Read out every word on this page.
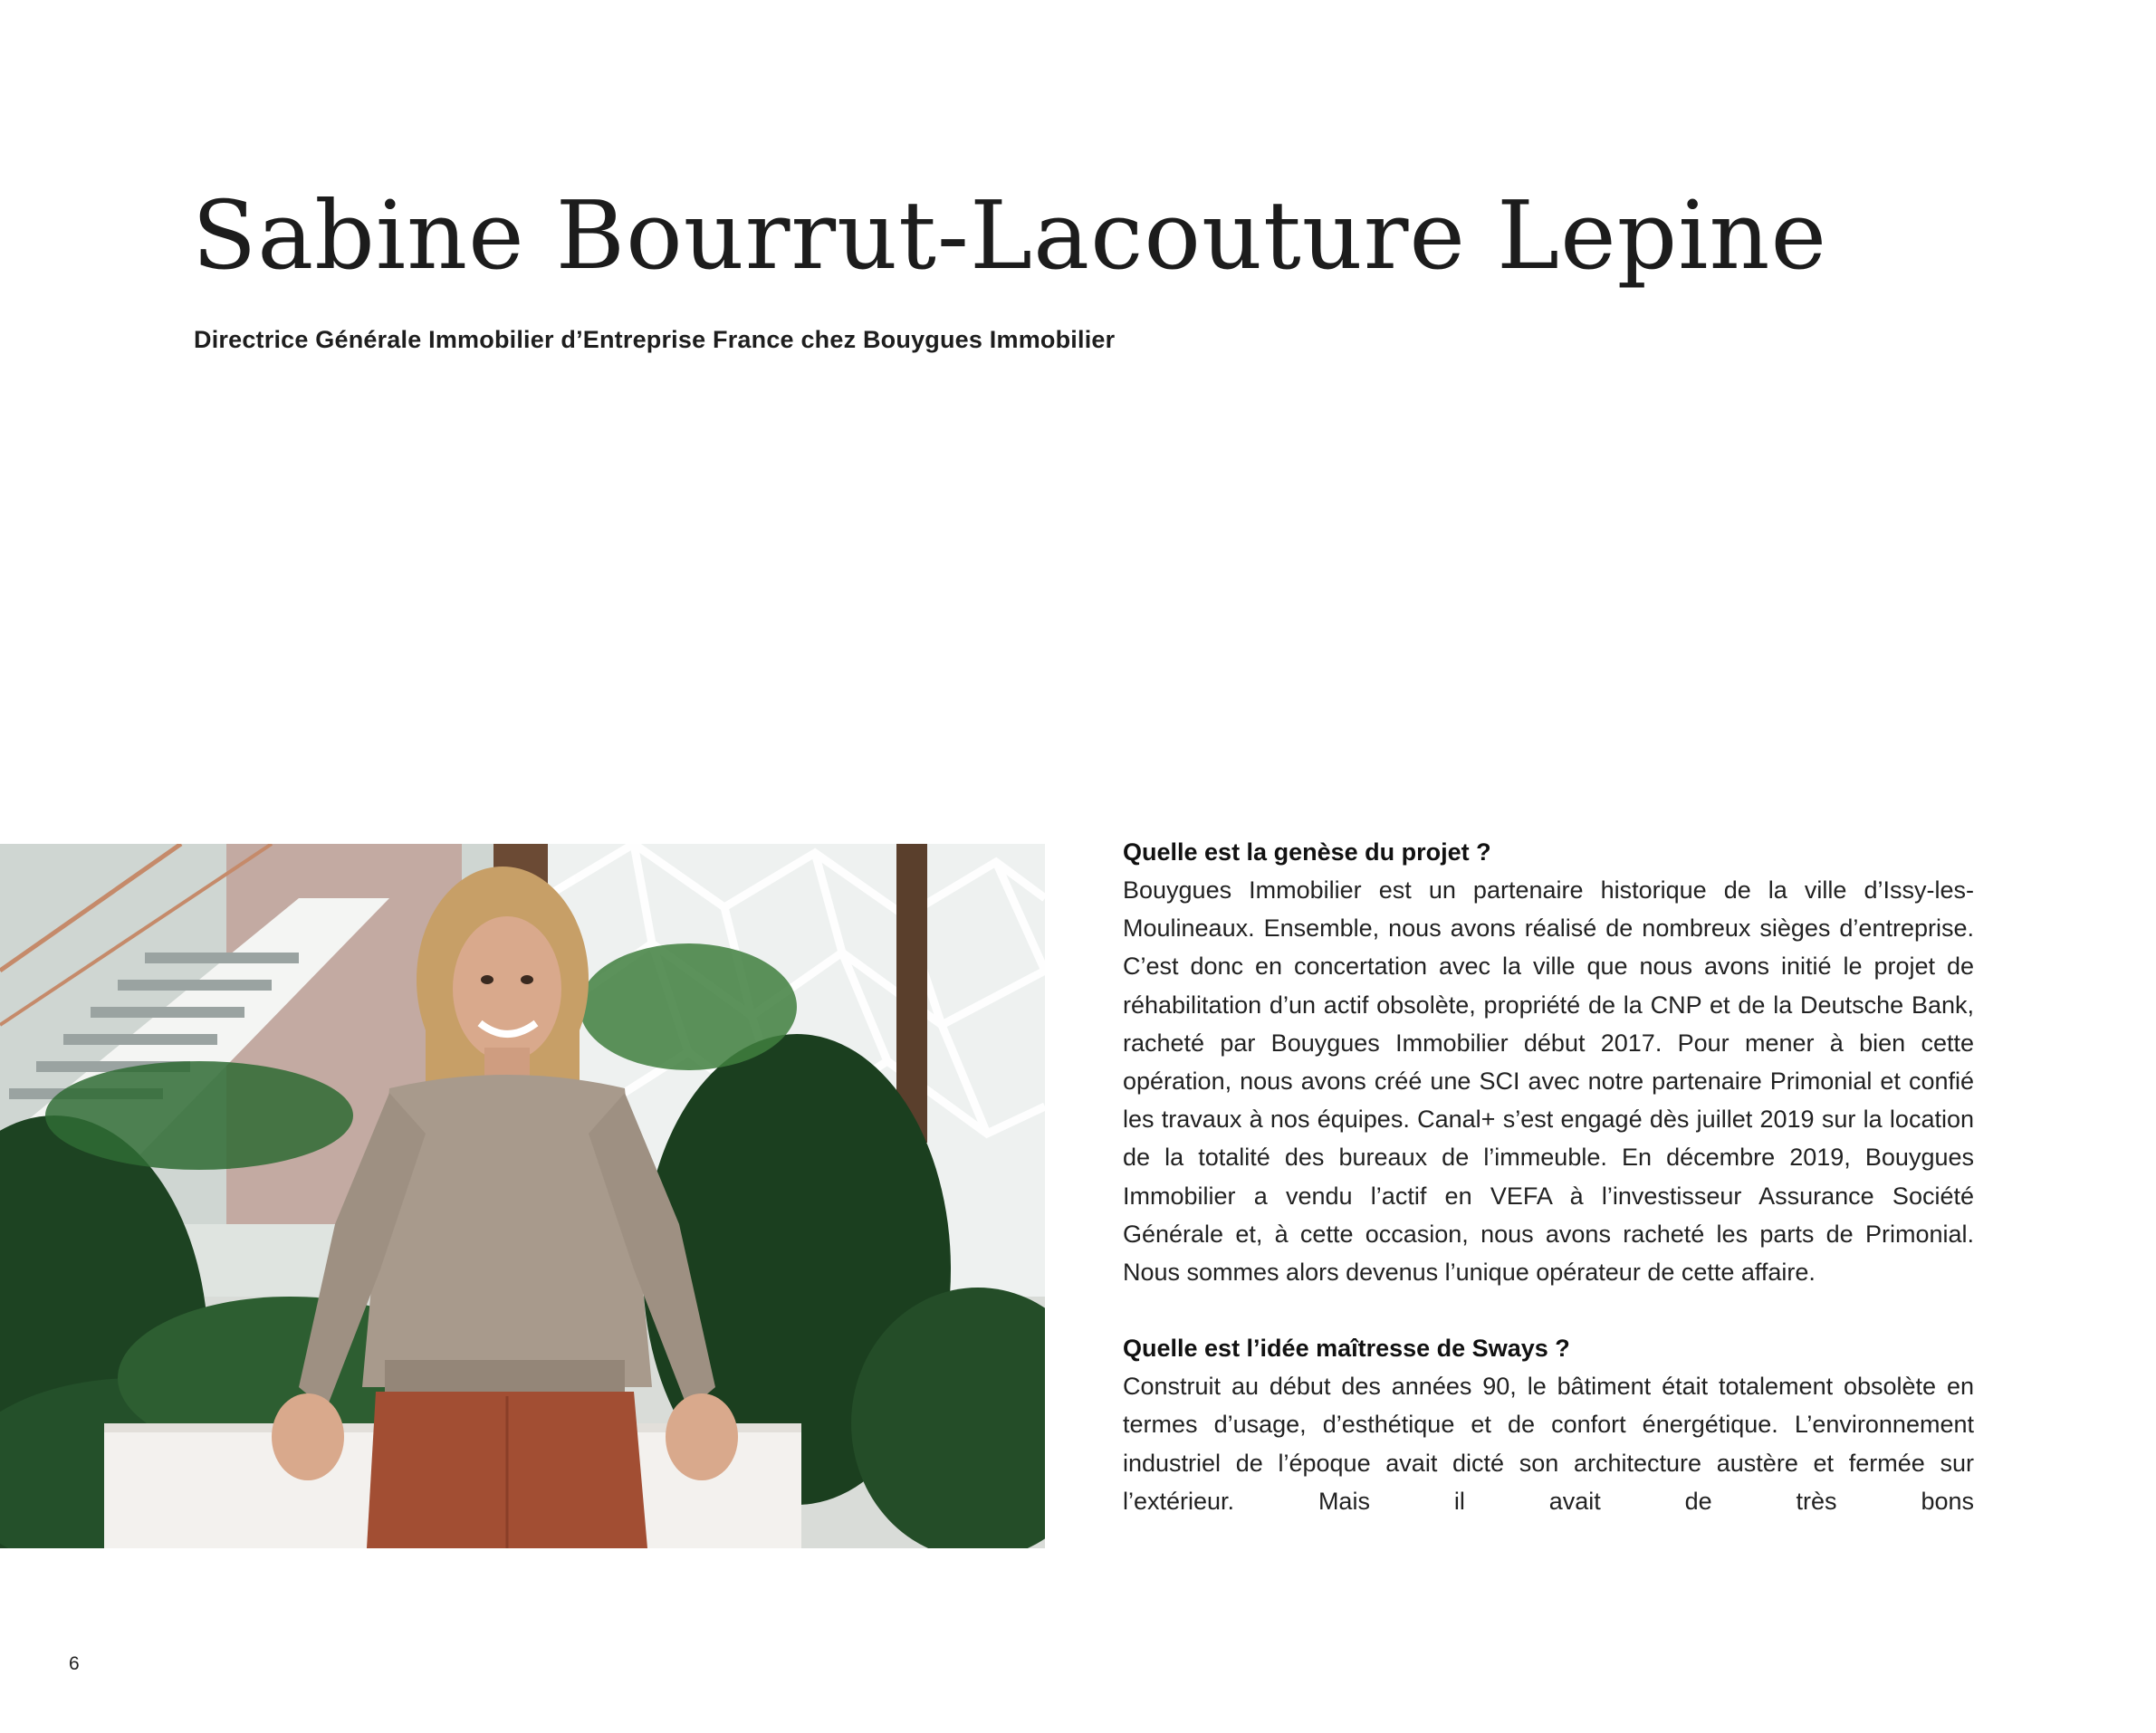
Sabine Bourrut-Lacouture Lepine

Directrice Générale Immobilier d’Entreprise France chez Bouygues Immobilier

Quelle est la genèse du projet ?

Bouygues Immobilier est un partenaire historique de la ville d’Issy-les-Moulineaux. Ensemble, nous avons réalisé de nombreux sièges d’entreprise. C’est donc en concertation avec la ville que nous avons initié le projet de réhabilitation d’un actif obsolète, propriété de la CNP et de la Deutsche Bank, racheté par Bouygues Immobilier début 2017. Pour mener à bien cette opération, nous avons créé une SCI avec notre partenaire Primonial et confié les travaux à nos équipes. Canal+ s’est engagé dès juillet 2019 sur la location de la totalité des bureaux de l’immeuble. En décembre 2019, Bouygues Immobilier a vendu l’actif en VEFA à l’investisseur Assurance Société Générale et, à cette occasion, nous avons racheté les parts de Primonial. Nous sommes alors devenus l’unique opérateur de cette affaire.

Quelle est l’idée maîtresse de Sways ?

Construit au début des années 90, le bâtiment était totalement obsolète en termes d’usage, d’esthétique et de confort énergétique. L’environnement industriel de l’époque avait dicté son architecture austère et fermée sur l’extérieur. Mais il avait de très bons

6
